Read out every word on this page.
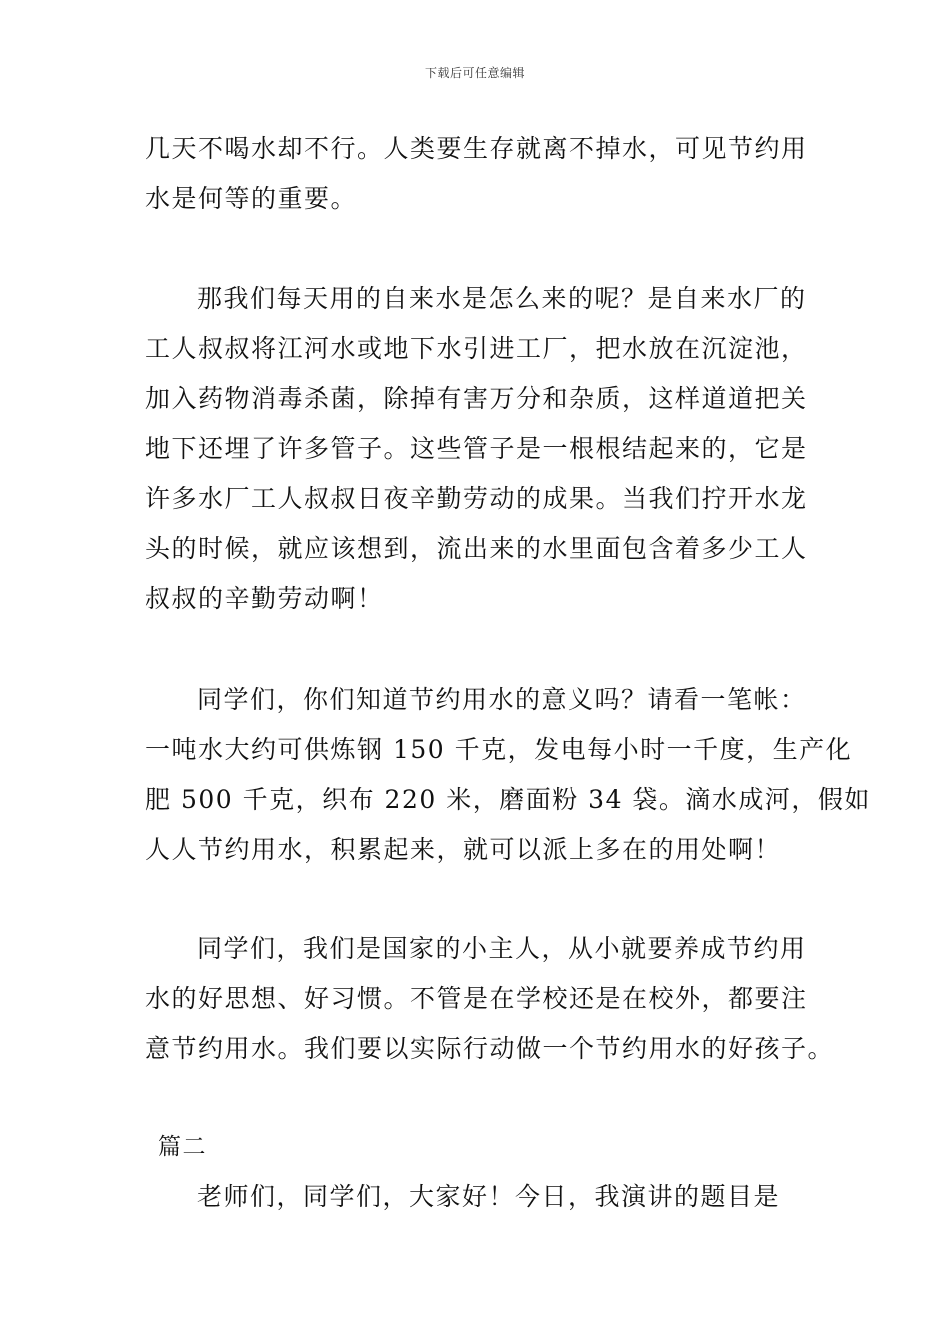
下载后可任意编辑
几天不喝水却不行。人类要生存就离不掉水，可见节约用
水是何等的重要。
那我们每天用的自来水是怎么来的呢？是自来水厂的
工人叔叔将江河水或地下水引进工厂，把水放在沉淀池，
加入药物消毒杀菌，除掉有害万分和杂质，这样道道把关
地下还埋了许多管子。这些管子是一根根结起来的，它是
许多水厂工人叔叔日夜辛勤劳动的成果。当我们拧开水龙
头的时候，就应该想到，流出来的水里面包含着多少工人
叔叔的辛勤劳动啊！
同学们，你们知道节约用水的意义吗？请看一笔帐：
一吨水大约可供炼钢 150 千克，发电每小时一千度，生产化
肥 500 千克，织布 220 米，磨面粉 34 袋。滴水成河，假如
人人节约用水，积累起来，就可以派上多在的用处啊！
同学们，我们是国家的小主人，从小就要养成节约用
水的好思想、好习惯。不管是在学校还是在校外，都要注
意节约用水。我们要以实际行动做一个节约用水的好孩子。
篇二
老师们，同学们，大家好！今日，我演讲的题目是
